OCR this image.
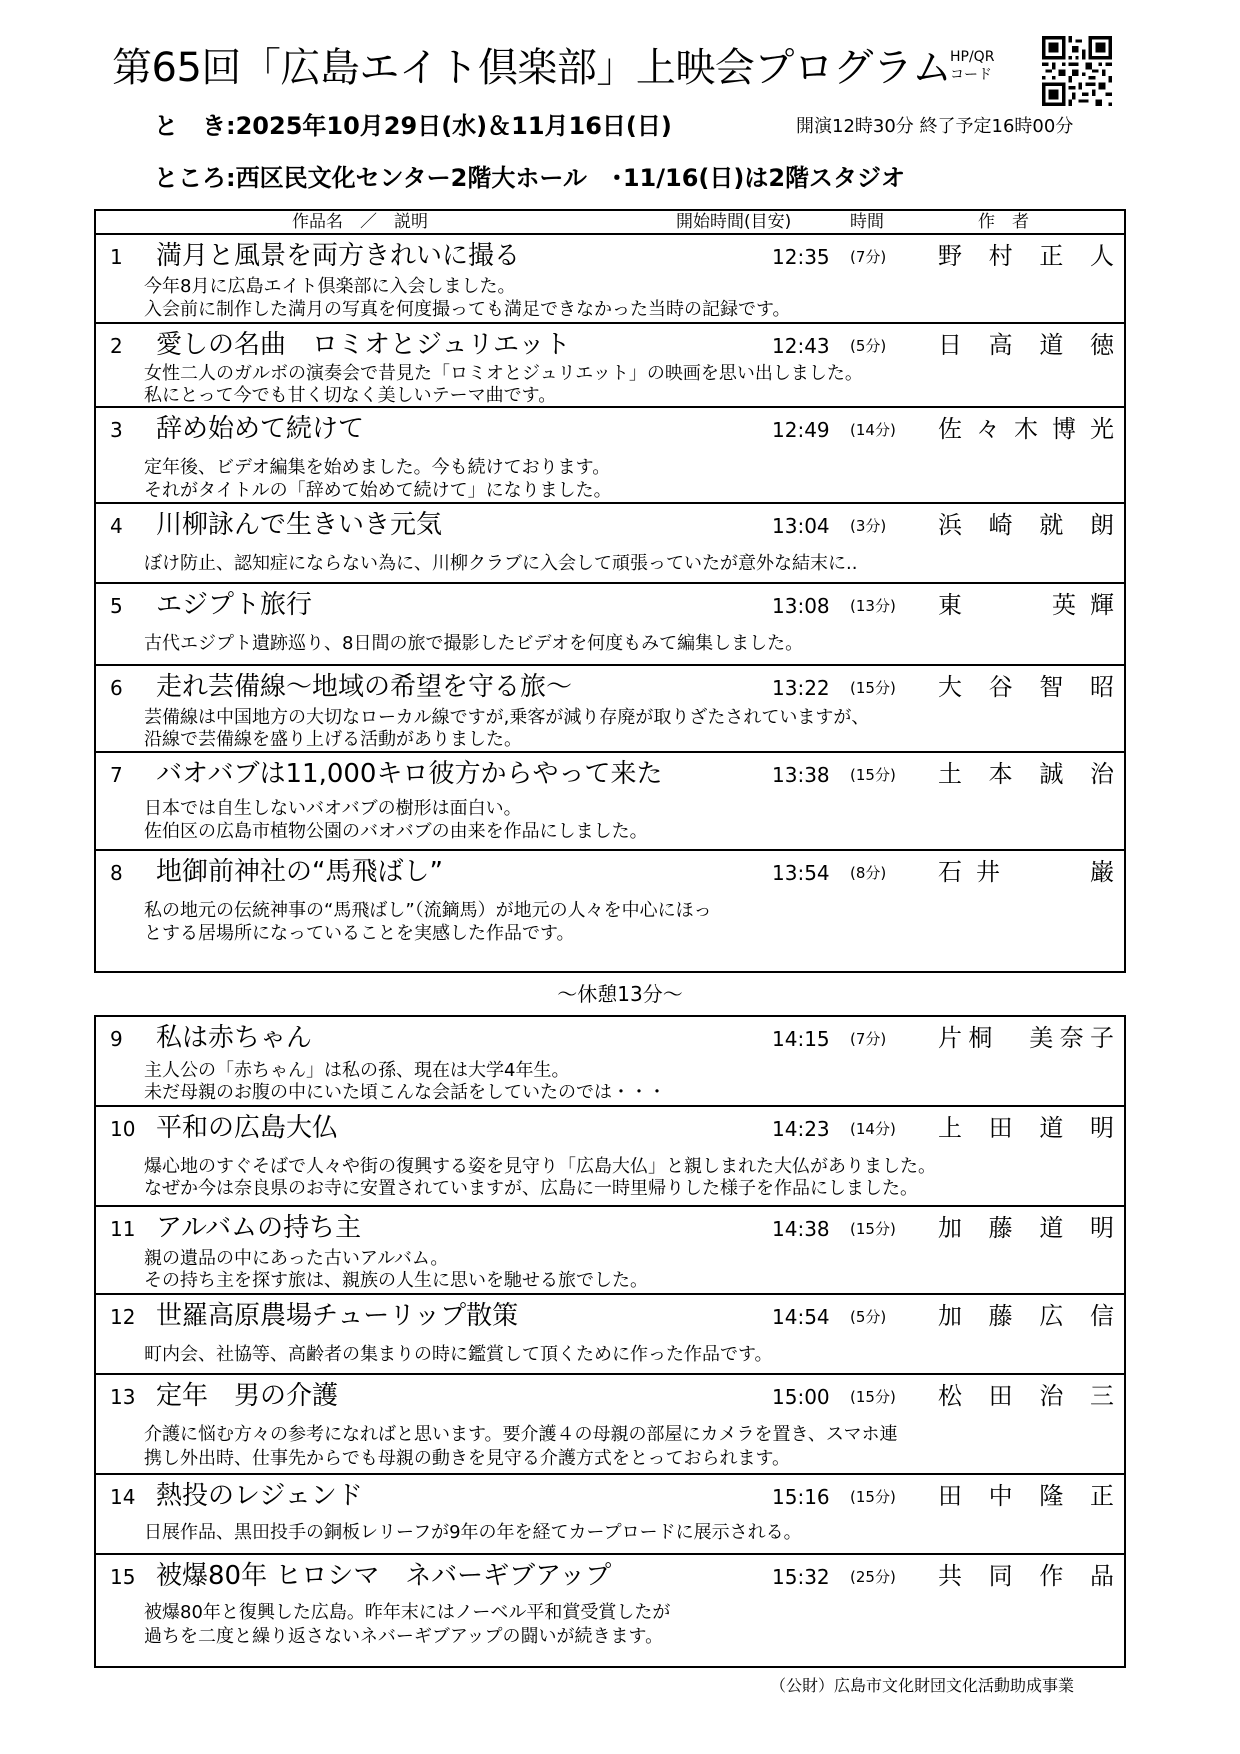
第65回「広島エイト倶楽部」上映会プログラム
HP/QR
コード
と　き:2025年10月29日(水)＆11月16日(日)	開演12時30分 終了予定16時00分
ところ:西区民文化センター2階大ホール　･11/16(日)は2階スタジオ
作品名　／　説明	開始時間(目安)	時間	作　者
1 満月と風景を両方きれいに撮る	12:35 (7分) 野村正人
今年8月に広島エイト倶楽部に入会しました。
入会前に制作した満月の写真を何度撮っても満足できなかった当時の記録です。
2 愛しの名曲　ロミオとジュリエット	12:43 (5分) 日高道徳
女性二人のガルボの演奏会で昔見た「ロミオとジュリエット」の映画を思い出しました。
私にとって今でも甘く切なく美しいテーマ曲です。
3 辞め始めて続けて	12:49 (14分) 佐々木博光
定年後、ビデオ編集を始めました。今も続けております。
それがタイトルの「辞めて始めて続けて」になりました。
4 川柳詠んで生きいき元気	13:04 (3分) 浜崎就朗
ぼけ防止、認知症にならない為に、川柳クラブに入会して頑張っていたが意外な結末に..
5 エジプト旅行	13:08 (13分) 東　　英輝
古代エジプト遺跡巡り、8日間の旅で撮影したビデオを何度もみて編集しました。
6 走れ芸備線～地域の希望を守る旅～	13:22 (15分) 大谷智昭
芸備線は中国地方の大切なローカル線ですが,乗客が減り存廃が取りざたされていますが、
沿線で芸備線を盛り上げる活動がありました。
7 バオバブは11,000キロ彼方からやって来た	13:38 (15分) 土本誠治
日本では自生しないバオバブの樹形は面白い。
佐伯区の広島市植物公園のバオバブの由来を作品にしました。
8 地御前神社の“馬飛ばし”	13:54 (8分) 石井　　巌
私の地元の伝統神事の“馬飛ばし”（流鏑馬）が地元の人々を中心にほっ
とする居場所になっていることを実感した作品です。
～休憩13分～
9 私は赤ちゃん	14:15 (7分) 片桐　美奈子
主人公の「赤ちゃん」は私の孫、現在は大学4年生。
未だ母親のお腹の中にいた頃こんな会話をしていたのでは・・・
10 平和の広島大仏	14:23 (14分) 上田道明
爆心地のすぐそばで人々や街の復興する姿を見守り「広島大仏」と親しまれた大仏がありました。
なぜか今は奈良県のお寺に安置されていますが、広島に一時里帰りした様子を作品にしました。
11 アルバムの持ち主	14:38 (15分) 加藤道明
親の遺品の中にあった古いアルバム。
その持ち主を探す旅は、親族の人生に思いを馳せる旅でした。
12 世羅高原農場チューリップ散策	14:54 (5分) 加藤広信
町内会、社協等、高齢者の集まりの時に鑑賞して頂くために作った作品です。
13 定年　男の介護	15:00 (15分) 松田治三
介護に悩む方々の参考になればと思います。要介護４の母親の部屋にカメラを置き、スマホ連
携し外出時、仕事先からでも母親の動きを見守る介護方式をとっておられます。
14 熱投のレジェンド	15:16 (15分) 田中隆正
日展作品、黒田投手の銅板レリーフが9年の年を経てカープロードに展示される。
15 被爆80年 ヒロシマ　ネバーギブアップ	15:32 (25分) 共同作品
被爆80年と復興した広島。昨年末にはノーベル平和賞受賞したが
過ちを二度と繰り返さないネバーギブアップの闘いが続きます。
（公財）広島市文化財団文化活動助成事業
